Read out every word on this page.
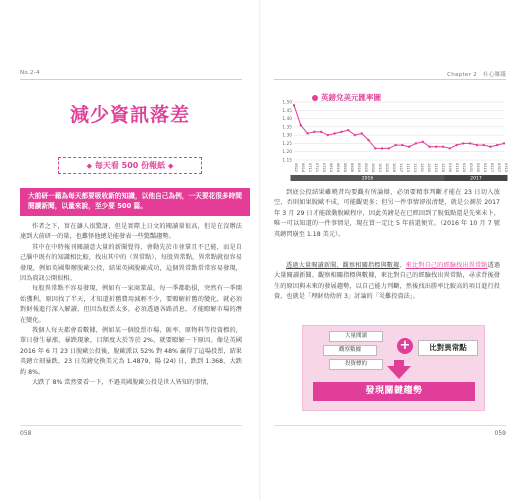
No.2-4
減少資訊落差
◆ 每天看 500 份報紙 ◆
大前研一藉為每天都要吸收新的知識，以他自己為例，一天要花很多時間閱讀新聞，以量來說，至少要 500 篇。

作者之下，實在讓人很驚訝，但是實際上日文的閱讀量很高，但是在沒辦法達到大前研一的量，也難怪他總是能發表一些驚豔趨勢。

其中在中時報刊閱讀意大量的新聞覺得，會動先於市並掌且不已能，而是自己腦中既有的知識相比較，找出其中的（異常點），每股異常點，異常點就很容易發現，例如英國舉辦脫歐公投，結果英國脫歐成功，這個異常點常常容易發現，因為資訊公開很相。

每股異常點不容易發現，例如有一家商業最，每一季都虧損，突然有一季開始獲利，原因找了半天，才知道折舊費用減輕不少，要瞭解折舊的變化，就必須對財報進行深入解讀，但因為股票太多，必須透過各路消息，才能瞭解市場的潛在變化。

我個人每天都會看數據，例如某一個股票市場、匯率、原物料等投資標的，單日發生暴漲、暴跌現象，目額度大於等於 2%，就要瞭解一下原因。像是英國 2016 年 6 月 23 日脫歐公投後，脫歐派以 52% 對 48% 贏得了這場投票，結果英鎊立刻暴跌，23 日英鎊兌換美元為 1.4879，陽 (24) 日，跌到 1.368，大跌約 8%。

大跌了 8% 當然要看一下，不過英國脫歐公投是世人皆知的事情，

058
Chapter 2　有心賺錢
英鎊兌美元匯率圖
1.15
1.20
1.25
1.30
1.35
1.40
1.45
1.50
0622 0624 0711 0721 0729 0810 0818 0826 0906 0916 0926 1004 1012 1020 1028 1107 1115 1123 1201 1209 1219 1228 0106 0116 0124 0201 0209 0219 0227 0307 0315
2016	2017

到底公投結果雖曉昔均要觀有所論辯，必須要精事判斷才能在 23 日切入放空，否則如果脫歐不成，可能觀更多；但另一件事情卻很清楚，就是公測於 2017 年 3 月 29 日才能啟動脫歐程序，因此英鎊是在已經回到了脫低點還是先來未卜，唯一可以知道的一件事情是，現在買一定比 5 年前還便宜。（2016 年 10 月 7 號英鎊閃崩至 1.18 美元）。

透過大量閱讀新聞、觀察相關指標與數據、來比對自己的經驗找出異常點透過大量閱讀新聞、觀察相關指標與數據，來比對自己的經驗找出異常點，尋求背後發生的原因與未來的發展趨勢，以自己能力判斷，然後找出勝率比較高的項目進行投資，也就是「理財幼幼班 3」討論的「災難投資法」。

大量閱讀
觀察數據
投資標的
+	比對異常點
發現關鍵趨勢
059
